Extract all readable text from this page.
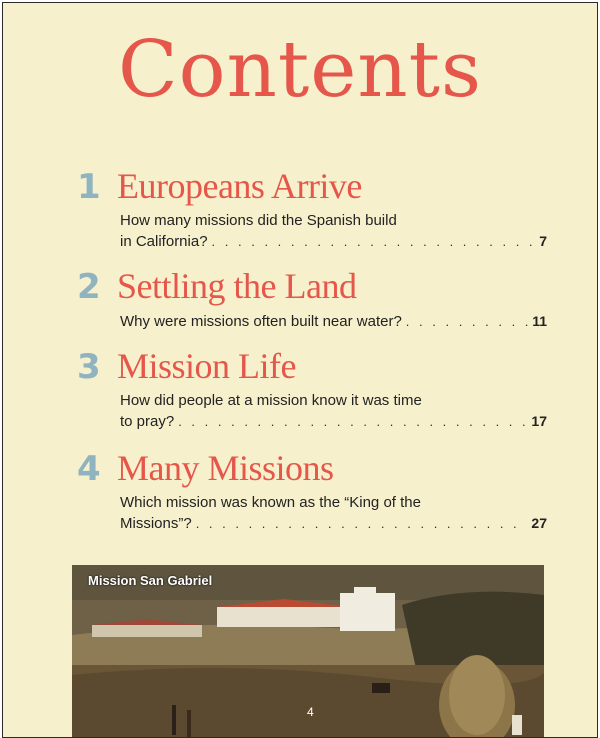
Contents
1 Europeans Arrive
How many missions did the Spanish build
in California? . . .	7
2 Settling the Land
Why were missions often built near water? . . .	11
3 Mission Life
How did people at a mission know it was time
to pray? . . .	17
4 Many Missions
Which mission was known as the “King of the
Missions”? . . .	27
Mission San Gabriel
4
